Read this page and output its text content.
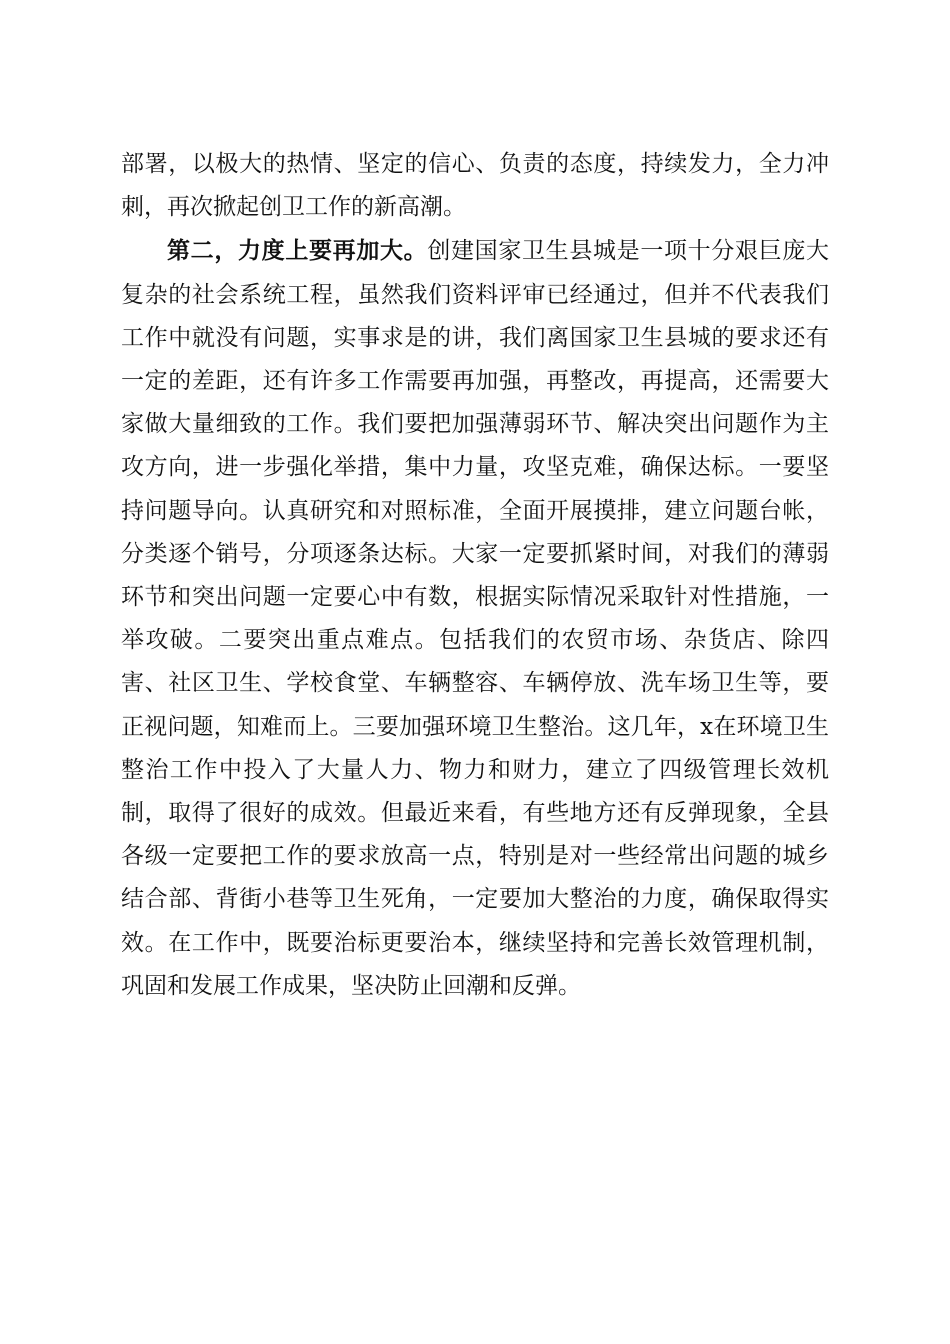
部署，以极大的热情、坚定的信心、负责的态度，持续发力，全力冲刺，再次掀起创卫工作的新高潮。

第二，力度上要再加大。创建国家卫生县城是一项十分艰巨庞大复杂的社会系统工程，虽然我们资料评审已经通过，但并不代表我们工作中就没有问题，实事求是的讲，我们离国家卫生县城的要求还有一定的差距，还有许多工作需要再加强，再整改，再提高，还需要大家做大量细致的工作。我们要把加强薄弱环节、解决突出问题作为主攻方向，进一步强化举措，集中力量，攻坚克难，确保达标。一要坚持问题导向。认真研究和对照标准，全面开展摸排，建立问题台帐，分类逐个销号，分项逐条达标。大家一定要抓紧时间，对我们的薄弱环节和突出问题一定要心中有数，根据实际情况采取针对性措施，一举攻破。二要突出重点难点。包括我们的农贸市场、杂货店、除四害、社区卫生、学校食堂、车辆整容、车辆停放、洗车场卫生等，要正视问题，知难而上。三要加强环境卫生整治。这几年，x在环境卫生整治工作中投入了大量人力、物力和财力，建立了四级管理长效机制，取得了很好的成效。但最近来看，有些地方还有反弹现象，全县各级一定要把工作的要求放高一点，特别是对一些经常出问题的城乡结合部、背街小巷等卫生死角，一定要加大整治的力度，确保取得实效。在工作中，既要治标更要治本，继续坚持和完善长效管理机制，巩固和发展工作成果，坚决防止回潮和反弹。
